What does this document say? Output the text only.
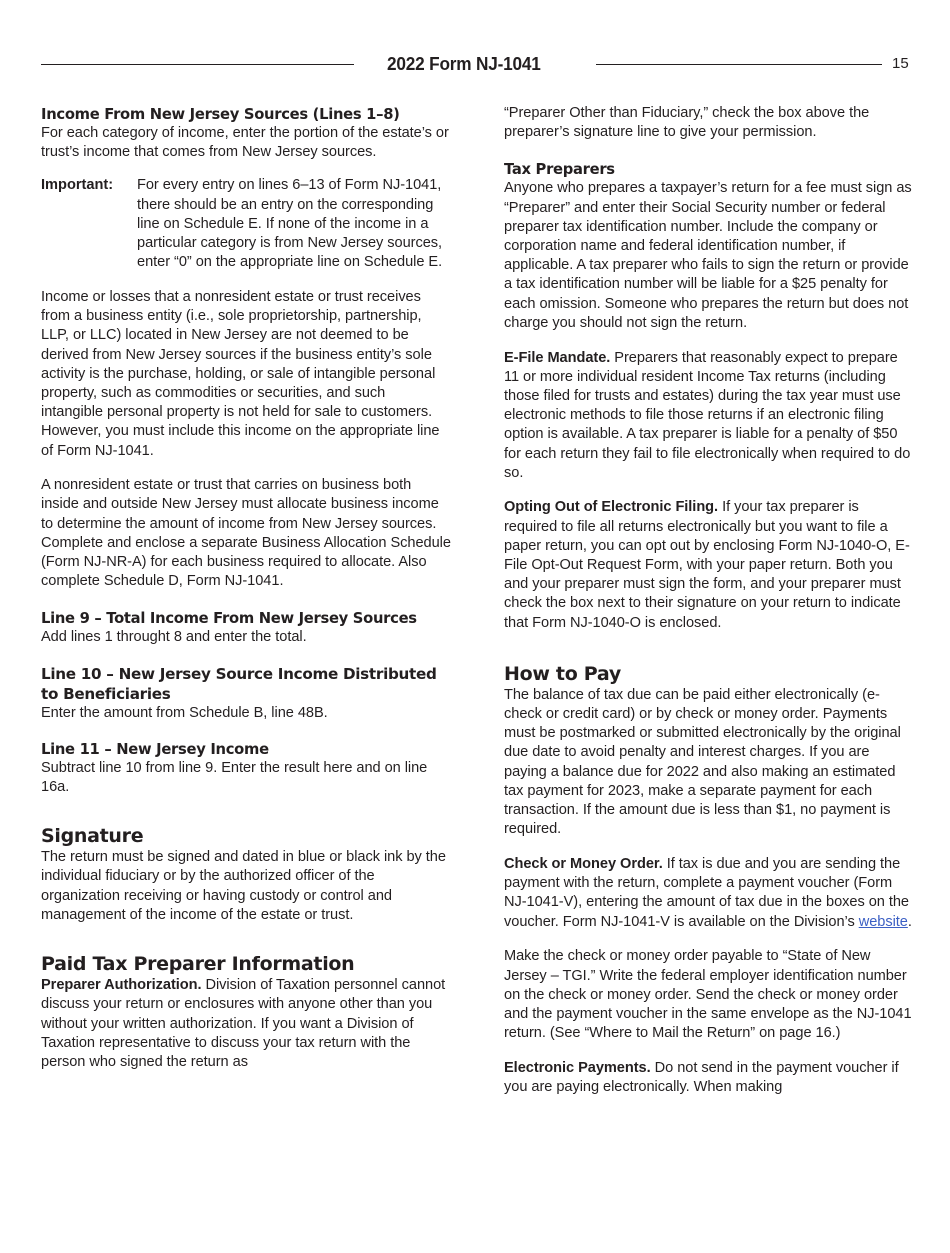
2022 Form NJ-1041	15
Income From New Jersey Sources (Lines 1–8)

For each category of income, enter the portion of the estate’s or trust’s income that comes from New Jersey sources.

Important:	For every entry on lines 6–13 of Form NJ-1041, there should be an entry on the corresponding line on Schedule E. If none of the income in a particular category is from New Jersey sources, enter “0” on the appropriate line on Schedule E.

Income or losses that a nonresident estate or trust receives from a business entity (i.e., sole proprietorship, partnership, LLP, or LLC) located in New Jersey are not deemed to be derived from New Jersey sources if the business entity’s sole activity is the purchase, holding, or sale of intangible personal property, such as commodities or securities, and such intangible personal property is not held for sale to customers. However, you must include this income on the appropriate line of Form NJ-1041.

A nonresident estate or trust that carries on business both inside and outside New Jersey must allocate business income to determine the amount of income from New Jersey sources. Complete and enclose a separate Business Allocation Schedule (Form NJ-NR-A) for each business required to allocate. Also complete Schedule D, Form NJ-1041.

Line 9 – Total Income From New Jersey Sources

Add lines 1 throught 8 and enter the total.

Line 10 – New Jersey Source Income Distributed to Beneficiaries

Enter the amount from Schedule B, line 48B.

Line 11 – New Jersey Income

Subtract line 10 from line 9. Enter the result here and on line 16a.

Signature

The return must be signed and dated in blue or black ink by the individual fiduciary or by the authorized officer of the organization receiving or having custody or control and management of the income of the estate or trust.

Paid Tax Preparer Information

Preparer Authorization. Division of Taxation personnel cannot discuss your return or enclosures with anyone other than you without your written authorization. If you want a Division of Taxation representative to discuss your tax return with the person who signed the return as

“Preparer Other than Fiduciary,” check the box above the preparer’s signature line to give your permission.

Tax Preparers

Anyone who prepares a taxpayer’s return for a fee must sign as “Preparer” and enter their Social Security number or federal preparer tax identification number. Include the company or corporation name and federal identification number, if applicable. A tax preparer who fails to sign the return or provide a tax identification number will be liable for a $25 penalty for each omission. Someone who prepares the return but does not charge you should not sign the return.

E-File Mandate. Preparers that reasonably expect to prepare 11 or more individual resident Income Tax returns (including those filed for trusts and estates) during the tax year must use electronic methods to file those returns if an electronic filing option is available. A tax preparer is liable for a penalty of $50 for each return they fail to file electronically when required to do so.

Opting Out of Electronic Filing. If your tax preparer is required to file all returns electronically but you want to file a paper return, you can opt out by enclosing Form NJ-1040-O, E-File Opt-Out Request Form, with your paper return. Both you and your preparer must sign the form, and your preparer must check the box next to their signature on your return to indicate that Form NJ-1040-O is enclosed.

How to Pay

The balance of tax due can be paid either electronically (e-check or credit card) or by check or money order. Payments must be postmarked or submitted electronically by the original due date to avoid penalty and interest charges. If you are paying a balance due for 2022 and also making an estimated tax payment for 2023, make a separate payment for each transaction. If the amount due is less than $1, no payment is required.

Check or Money Order. If tax is due and you are sending the payment with the return, complete a payment voucher (Form NJ-1041-V), entering the amount of tax due in the boxes on the voucher. Form NJ-1041-V is available on the Division’s website.

Make the check or money order payable to “State of New Jersey – TGI.” Write the federal employer identification number on the check or money order. Send the check or money order and the payment voucher in the same envelope as the NJ-1041 return. (See “Where to Mail the Return” on page 16.)

Electronic Payments. Do not send in the payment voucher if you are paying electronically. When making
